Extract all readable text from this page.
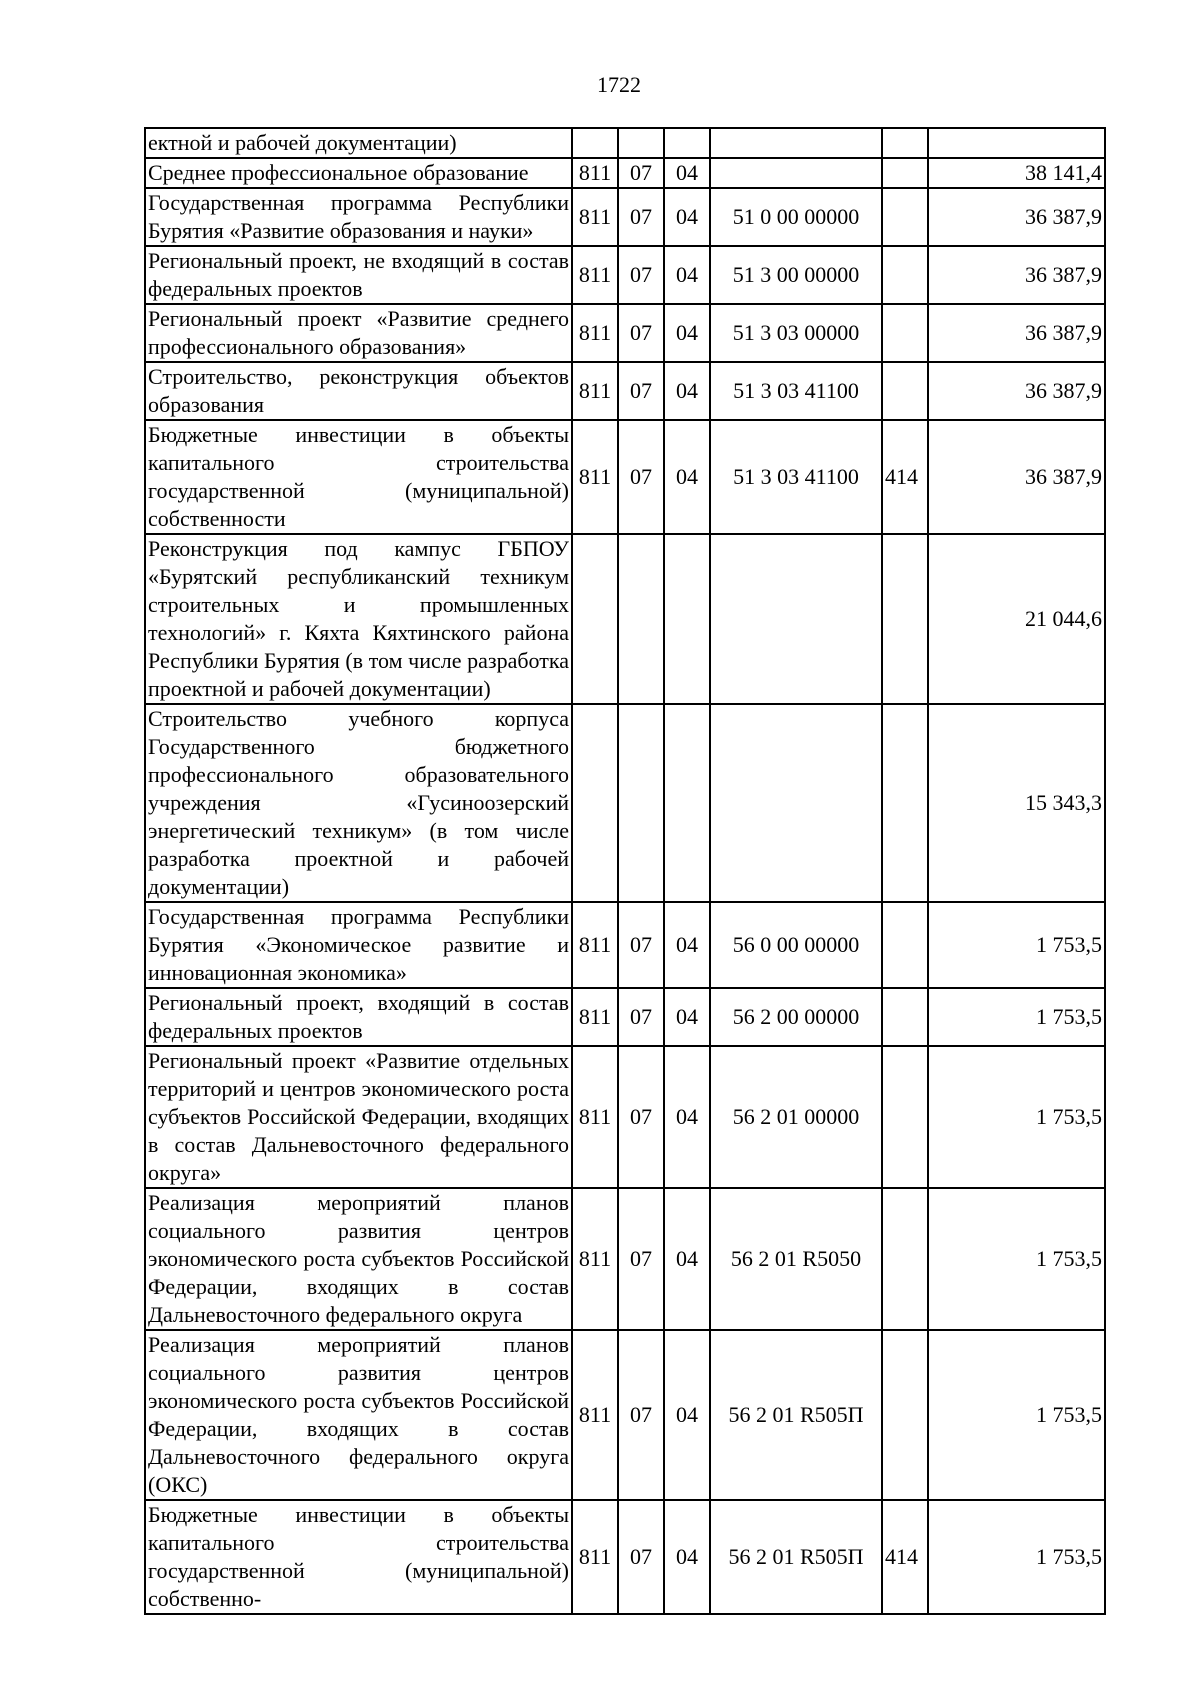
1722
ектной и рабочей документации)						
Среднее профессиональное образование	811	07	04			38 141,4
Государственная программа Республики Бурятия «Развитие образования и науки»	811	07	04	51 0 00 00000		36 387,9
Региональный проект, не входящий в состав федеральных проектов	811	07	04	51 3 00 00000		36 387,9
Региональный проект «Развитие среднего профессионального образования»	811	07	04	51 3 03 00000		36 387,9
Строительство, реконструкция объектов образования	811	07	04	51 3 03 41100		36 387,9
Бюджетные инвестиции в объекты капитального строительства государственной (муниципальной) собственности	811	07	04	51 3 03 41100	414	36 387,9
Реконструкция под кампус ГБПОУ «Бурятский республиканский техникум строительных и промышленных технологий» г. Кяхта Кяхтинского района Республики Бурятия (в том числе разработка проектной и рабочей документации)						21 044,6
Строительство учебного корпуса Государственного бюджетного профессионального образовательного учреждения «Гусиноозерский энергетический техникум» (в том числе разработка проектной и рабочей документации)						15 343,3
Государственная программа Республики Бурятия «Экономическое развитие и инновационная экономика»	811	07	04	56 0 00 00000		1 753,5
Региональный проект, входящий в состав федеральных проектов	811	07	04	56 2 00 00000		1 753,5
Региональный проект «Развитие отдельных территорий и центров экономического роста субъектов Российской Федерации, входящих в состав Дальневосточного федерального округа»	811	07	04	56 2 01 00000		1 753,5
Реализация мероприятий планов социального развития центров экономического роста субъектов Российской Федерации, входящих в состав Дальневосточного федерального округа	811	07	04	56 2 01 R5050		1 753,5
Реализация мероприятий планов социального развития центров экономического роста субъектов Российской Федерации, входящих в состав Дальневосточного федерального округа (ОКС)	811	07	04	56 2 01 R505П		1 753,5
Бюджетные инвестиции в объекты капитального строительства государственной (муниципальной) собственно-	811	07	04	56 2 01 R505П	414	1 753,5
